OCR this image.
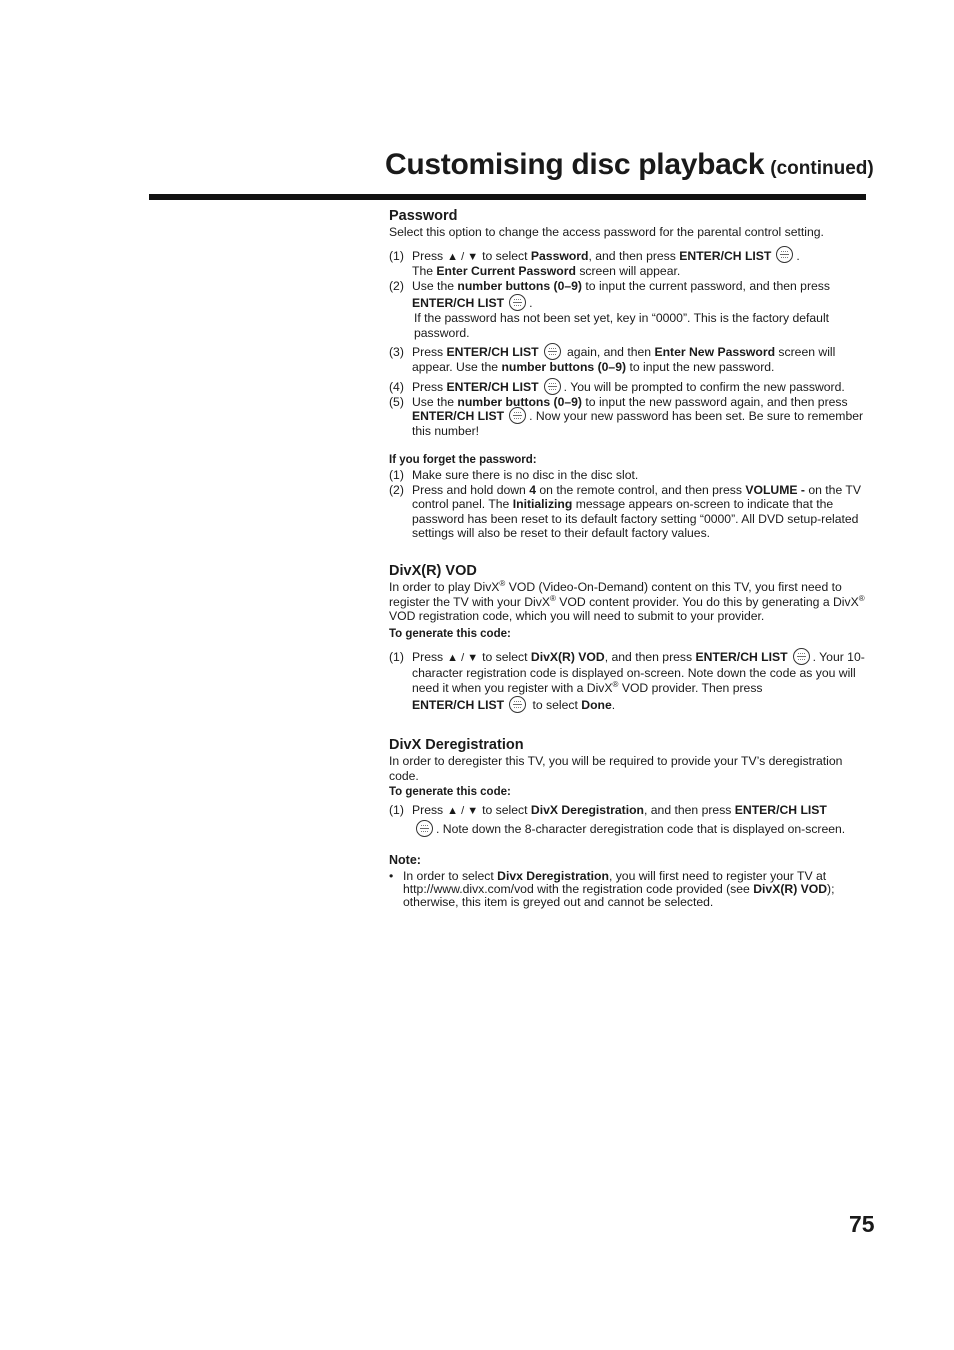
Customising disc playback (continued)
Password

Select this option to change the access password for the parental control setting.

(1) Press ▲ / ▼ to select Password, and then press ENTER/CH LIST .
The Enter Current Password screen will appear.
(2) Use the number buttons (0–9) to input the current password, and then press

ENTER/CH LIST .
If the password has not been set yet, key in “0000”. This is the factory default password.
(3) Press ENTER/CH LIST again, and then Enter New Password screen will appear. Use the number buttons (0–9) to input the new password.
(4) Press ENTER/CH LIST . You will be prompted to confirm the new password.
(5) Use the number buttons (0–9) to input the new password again, and then press ENTER/CH LIST . Now your new password has been set. Be sure to remember this number!
If you forget the password:
(1) Make sure there is no disc in the disc slot.
(2) Press and hold down 4 on the remote control, and then press VOLUME - on the TV control panel. The Initializing message appears on-screen to indicate that the password has been reset to its default factory setting “0000”. All DVD setup-related settings will also be reset to their default factory values.
DivX(R) VOD

In order to play DivX® VOD (Video-On-Demand) content on this TV, you first need to register the TV with your DivX® VOD content provider. You do this by generating a DivX® VOD registration code, which you will need to submit to your provider.

To generate this code:
(1) Press ▲ / ▼ to select DivX(R) VOD, and then press ENTER/CH LIST . Your 10-character registration code is displayed on-screen. Note down the code as you will need it when you register with a DivX® VOD provider. Then press
ENTER/CH LIST to select Done.
DivX Deregistration

In order to deregister this TV, you will be required to provide your TV’s deregistration code.

To generate this code:
(1) Press ▲ / ▼ to select DivX Deregistration, and then press ENTER/CH LIST

. Note down the 8-character deregistration code that is displayed on-screen.
Note:

• In order to select Divx Deregistration, you will first need to register your TV at http://www.divx.com/vod with the registration code provided (see DivX(R) VOD); otherwise, this item is greyed out and cannot be selected.

75
